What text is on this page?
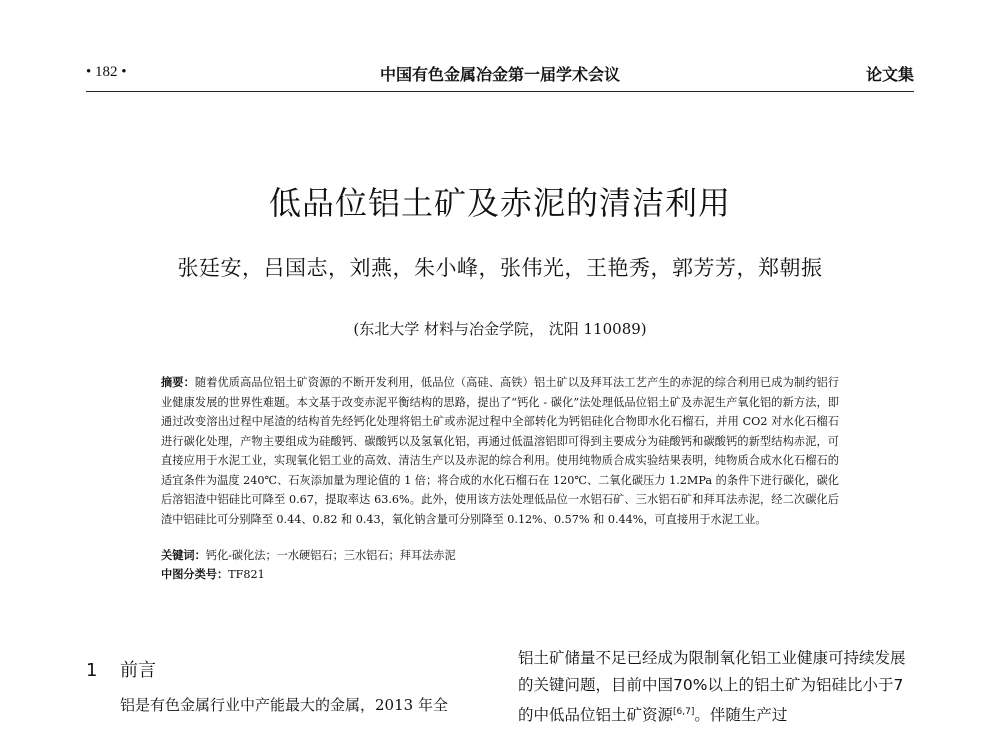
• 182 •	中国有色金属冶金第一届学术会议	论文集
低品位铝土矿及赤泥的清洁利用
张廷安，吕国志，刘燕，朱小峰，张伟光，王艳秀，郭芳芳，郑朝振
(东北大学 材料与冶金学院， 沈阳 110089)
摘要：随着优质高品位铝土矿资源的不断开发利用，低品位（高硅、高铁）铝土矿以及拜耳法工艺产生的赤泥的综合利用已成为制约铝行业健康发展的世界性难题。本文基于改变赤泥平衡结构的思路，提出了“钙化 - 碳化”法处理低品位铝土矿及赤泥生产氧化铝的新方法，即通过改变溶出过程中尾渣的结构首先经钙化处理将铝土矿或赤泥过程中全部转化为钙铝硅化合物即水化石榴石，并用 CO2 对水化石榴石进行碳化处理，产物主要组成为硅酸钙、碳酸钙以及氢氧化铝，再通过低温溶铝即可得到主要成分为硅酸钙和碳酸钙的新型结构赤泥，可直接应用于水泥工业，实现氧化铝工业的高效、清洁生产以及赤泥的综合利用。使用纯物质合成实验结果表明，纯物质合成水化石榴石的适宜条件为温度 240℃、石灰添加量为理论值的 1 倍；将合成的水化石榴石在 120℃、二氧化碳压力 1.2MPa 的条件下进行碳化，碳化后溶铝渣中铝硅比可降至 0.67，提取率达 63.6%。此外，使用该方法处理低品位一水铝石矿、三水铝石矿和拜耳法赤泥，经二次碳化后渣中铝硅比可分别降至 0.44、0.82 和 0.43，氧化钠含量可分别降至 0.12%、0.57% 和 0.44%，可直接用于水泥工业。
关键词：钙化-碳化法；一水硬铝石；三水铝石；拜耳法赤泥
中图分类号：TF821
1 前言
铝是有色金属行业中产能最大的金属，2013 年全
铝土矿储量不足已经成为限制氧化铝工业健康可持续发展的关键问题，目前中国70%以上的铝土矿为铝硅比小于7的中低品位铝土矿资源[6,7]。伴随生产过
